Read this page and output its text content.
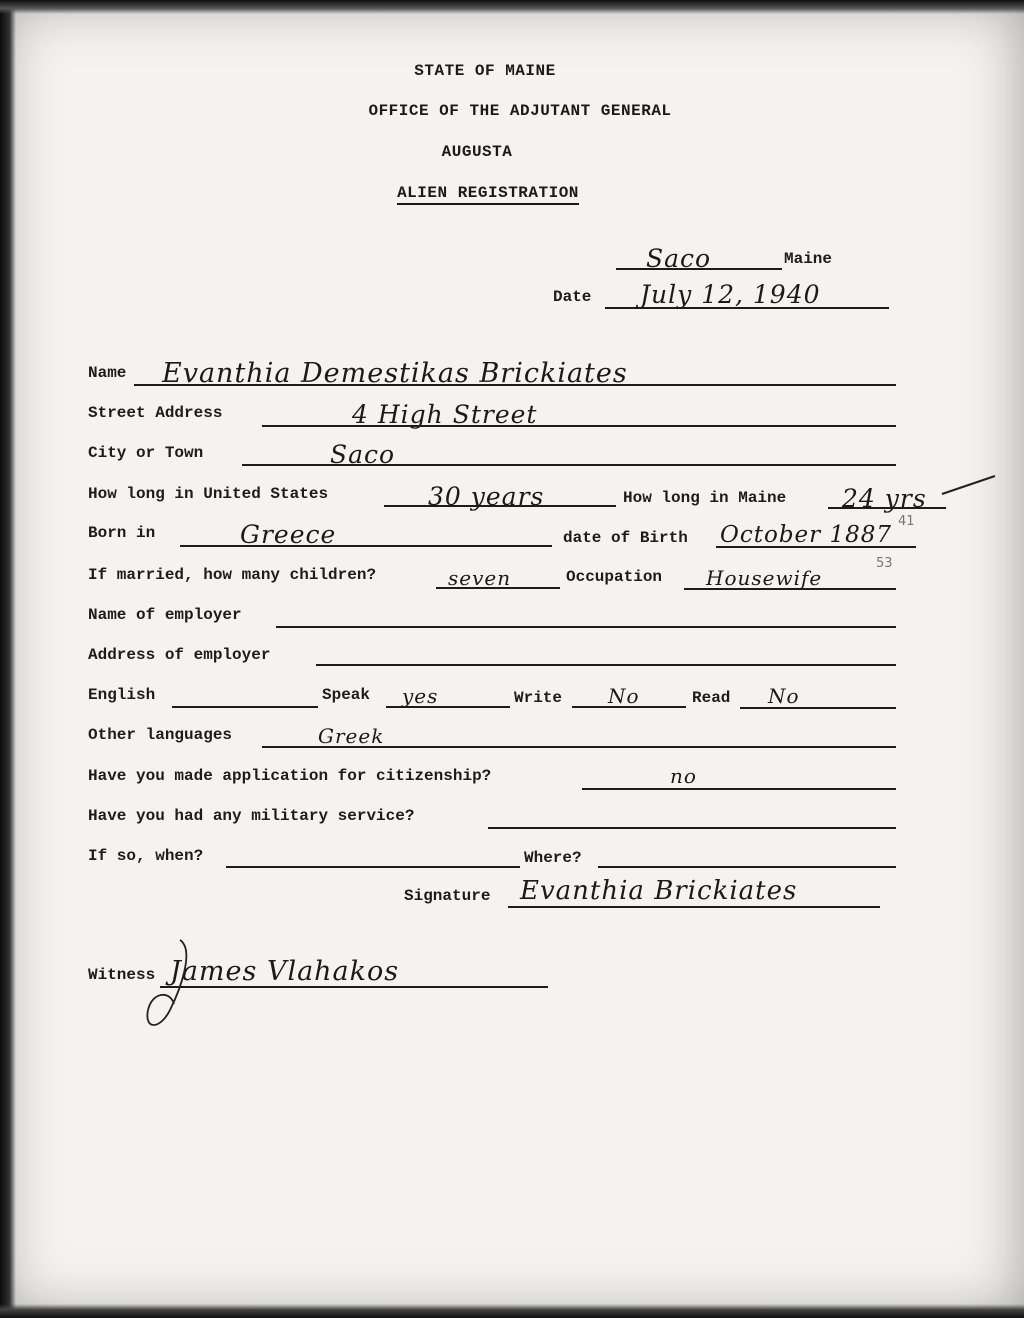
STATE OF MAINE
OFFICE OF THE ADJUTANT GENERAL
AUGUSTA
ALIEN REGISTRATION
Saco	Maine
Date July 12, 1940
Name Evanthia Demestikas Brickiates
Street Address	4 High Street
City or Town	Saco
How long in United States	30 years	How long in Maine 24 yrs
41
Born in	Greece	date of Birth October 1887
53
If married, how many children?	seven	Occupation Housewife
Name of employer
Address of employer
English	Speak yes	Write No	Read No
Other languages	Greek
Have you made application for citizenship?	no
Have you had any military service?
If so, when?	Where?
Signature Evanthia Brickiates
Witness James Vlahakos
